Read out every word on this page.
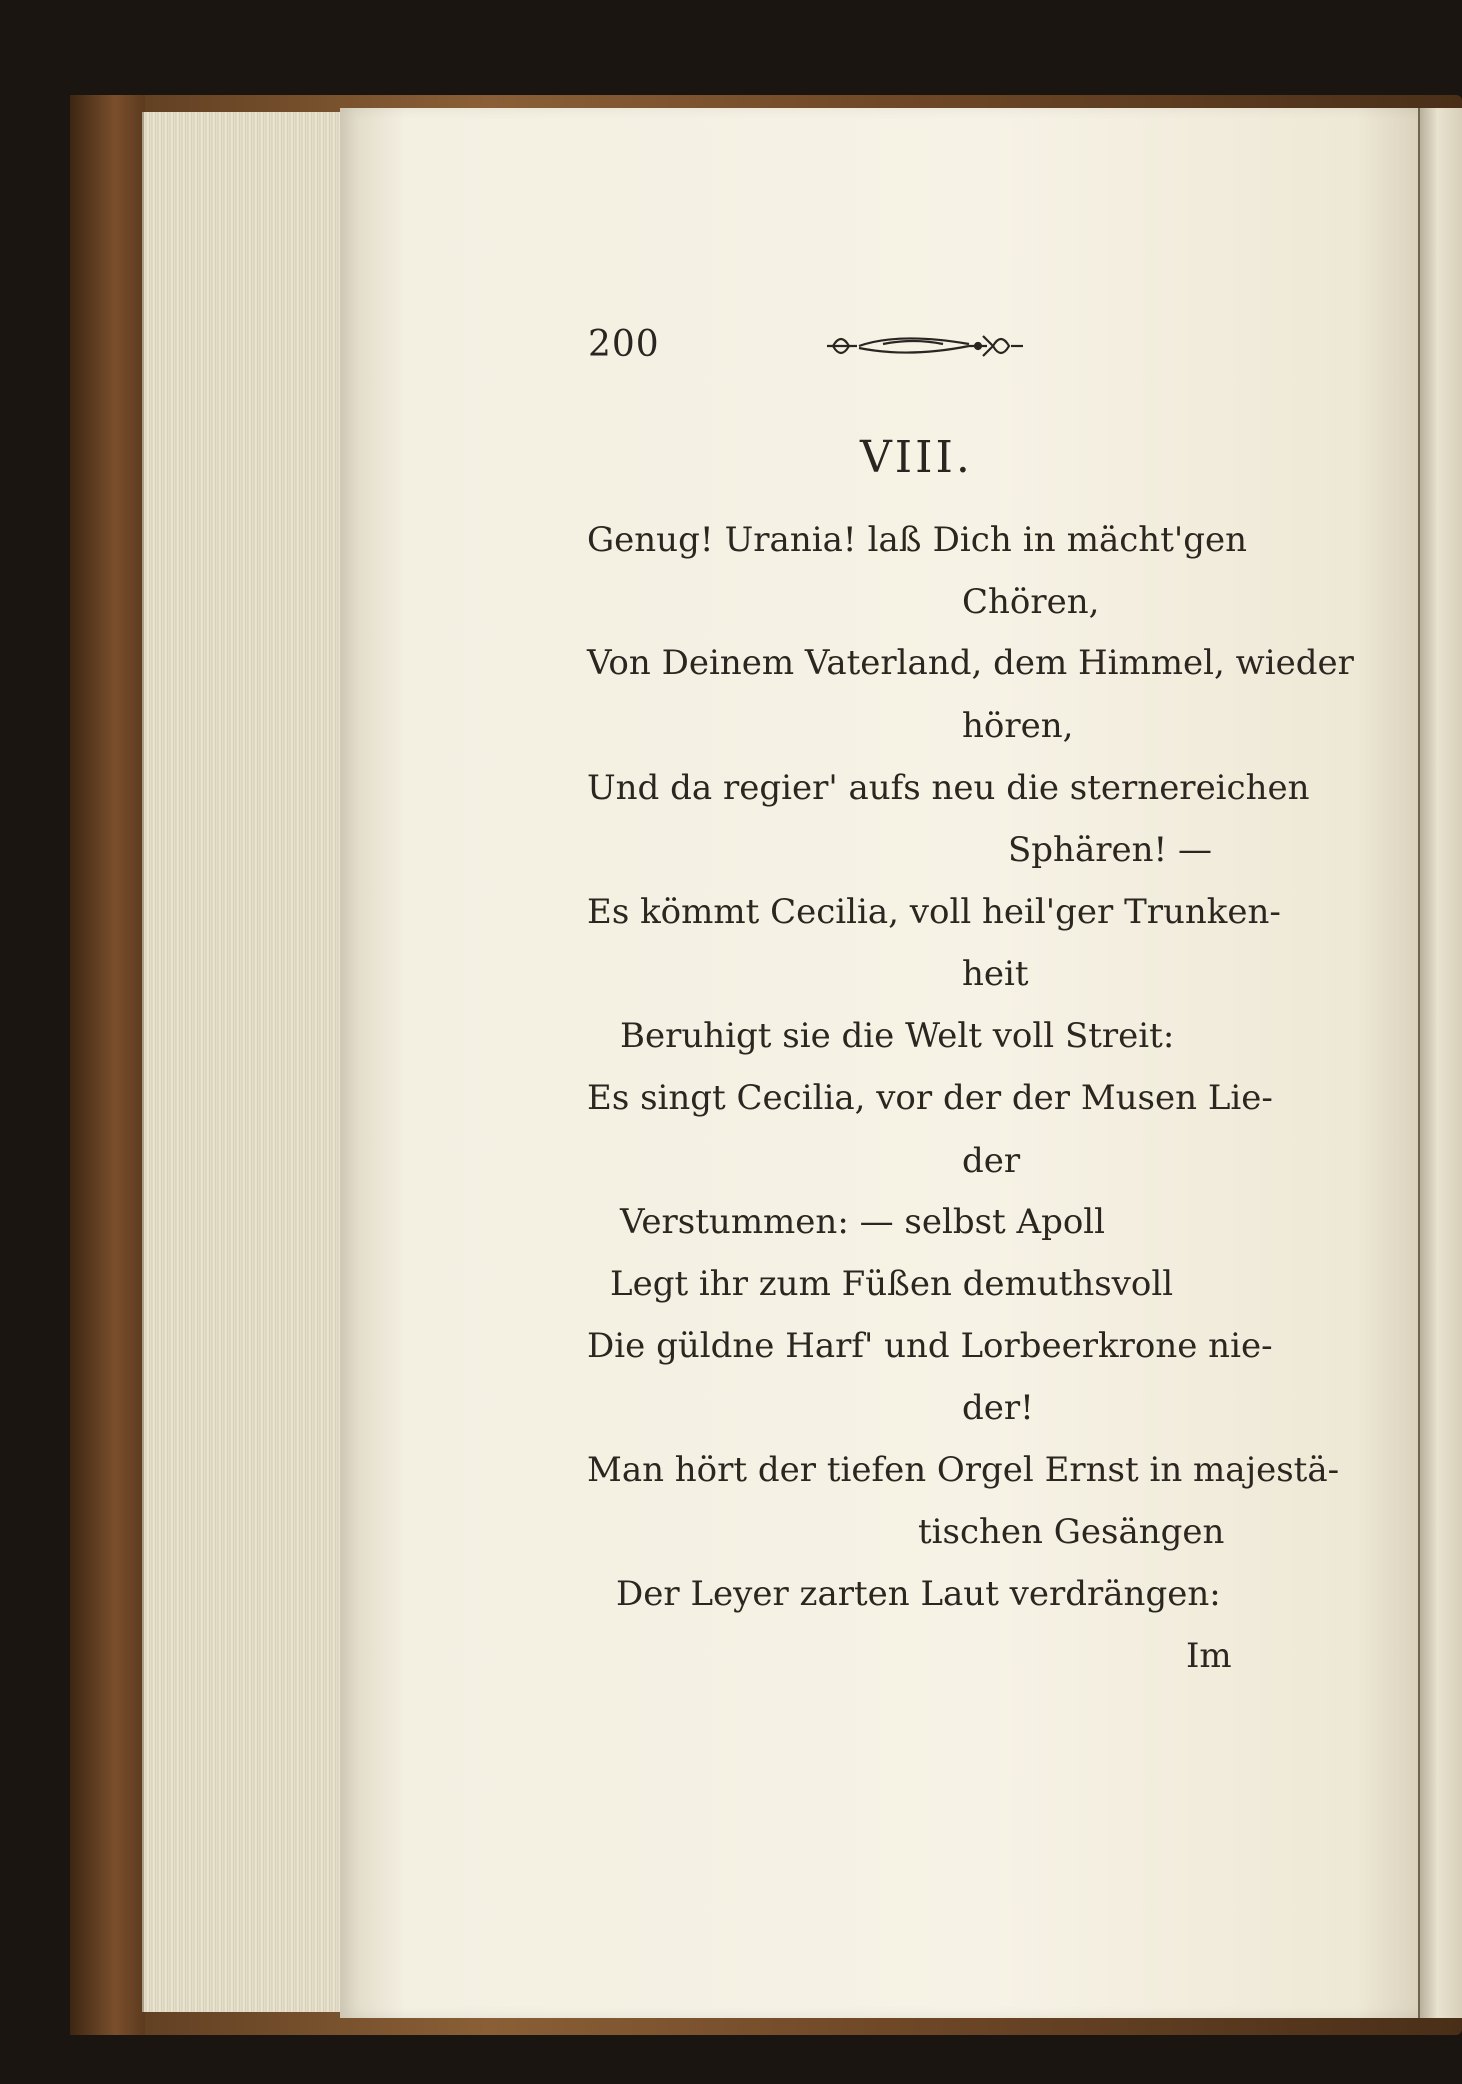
200
VIII.
Genug! Urania! laß Dich in mächt'gen
Chören,
Von Deinem Vaterland, dem Himmel, wieder
hören,
Und da regier' aufs neu die sternereichen
Sphären! —
Es kömmt Cecilia, voll heil'ger Trunken-
heit
Beruhigt sie die Welt voll Streit:
Es singt Cecilia, vor der der Musen Lie-
der
Verstummen: — selbst Apoll
Legt ihr zum Füßen demuthsvoll
Die güldne Harf' und Lorbeerkrone nie-
der!
Man hört der tiefen Orgel Ernst in majestä-
tischen Gesängen
Der Leyer zarten Laut verdrängen:
Im
